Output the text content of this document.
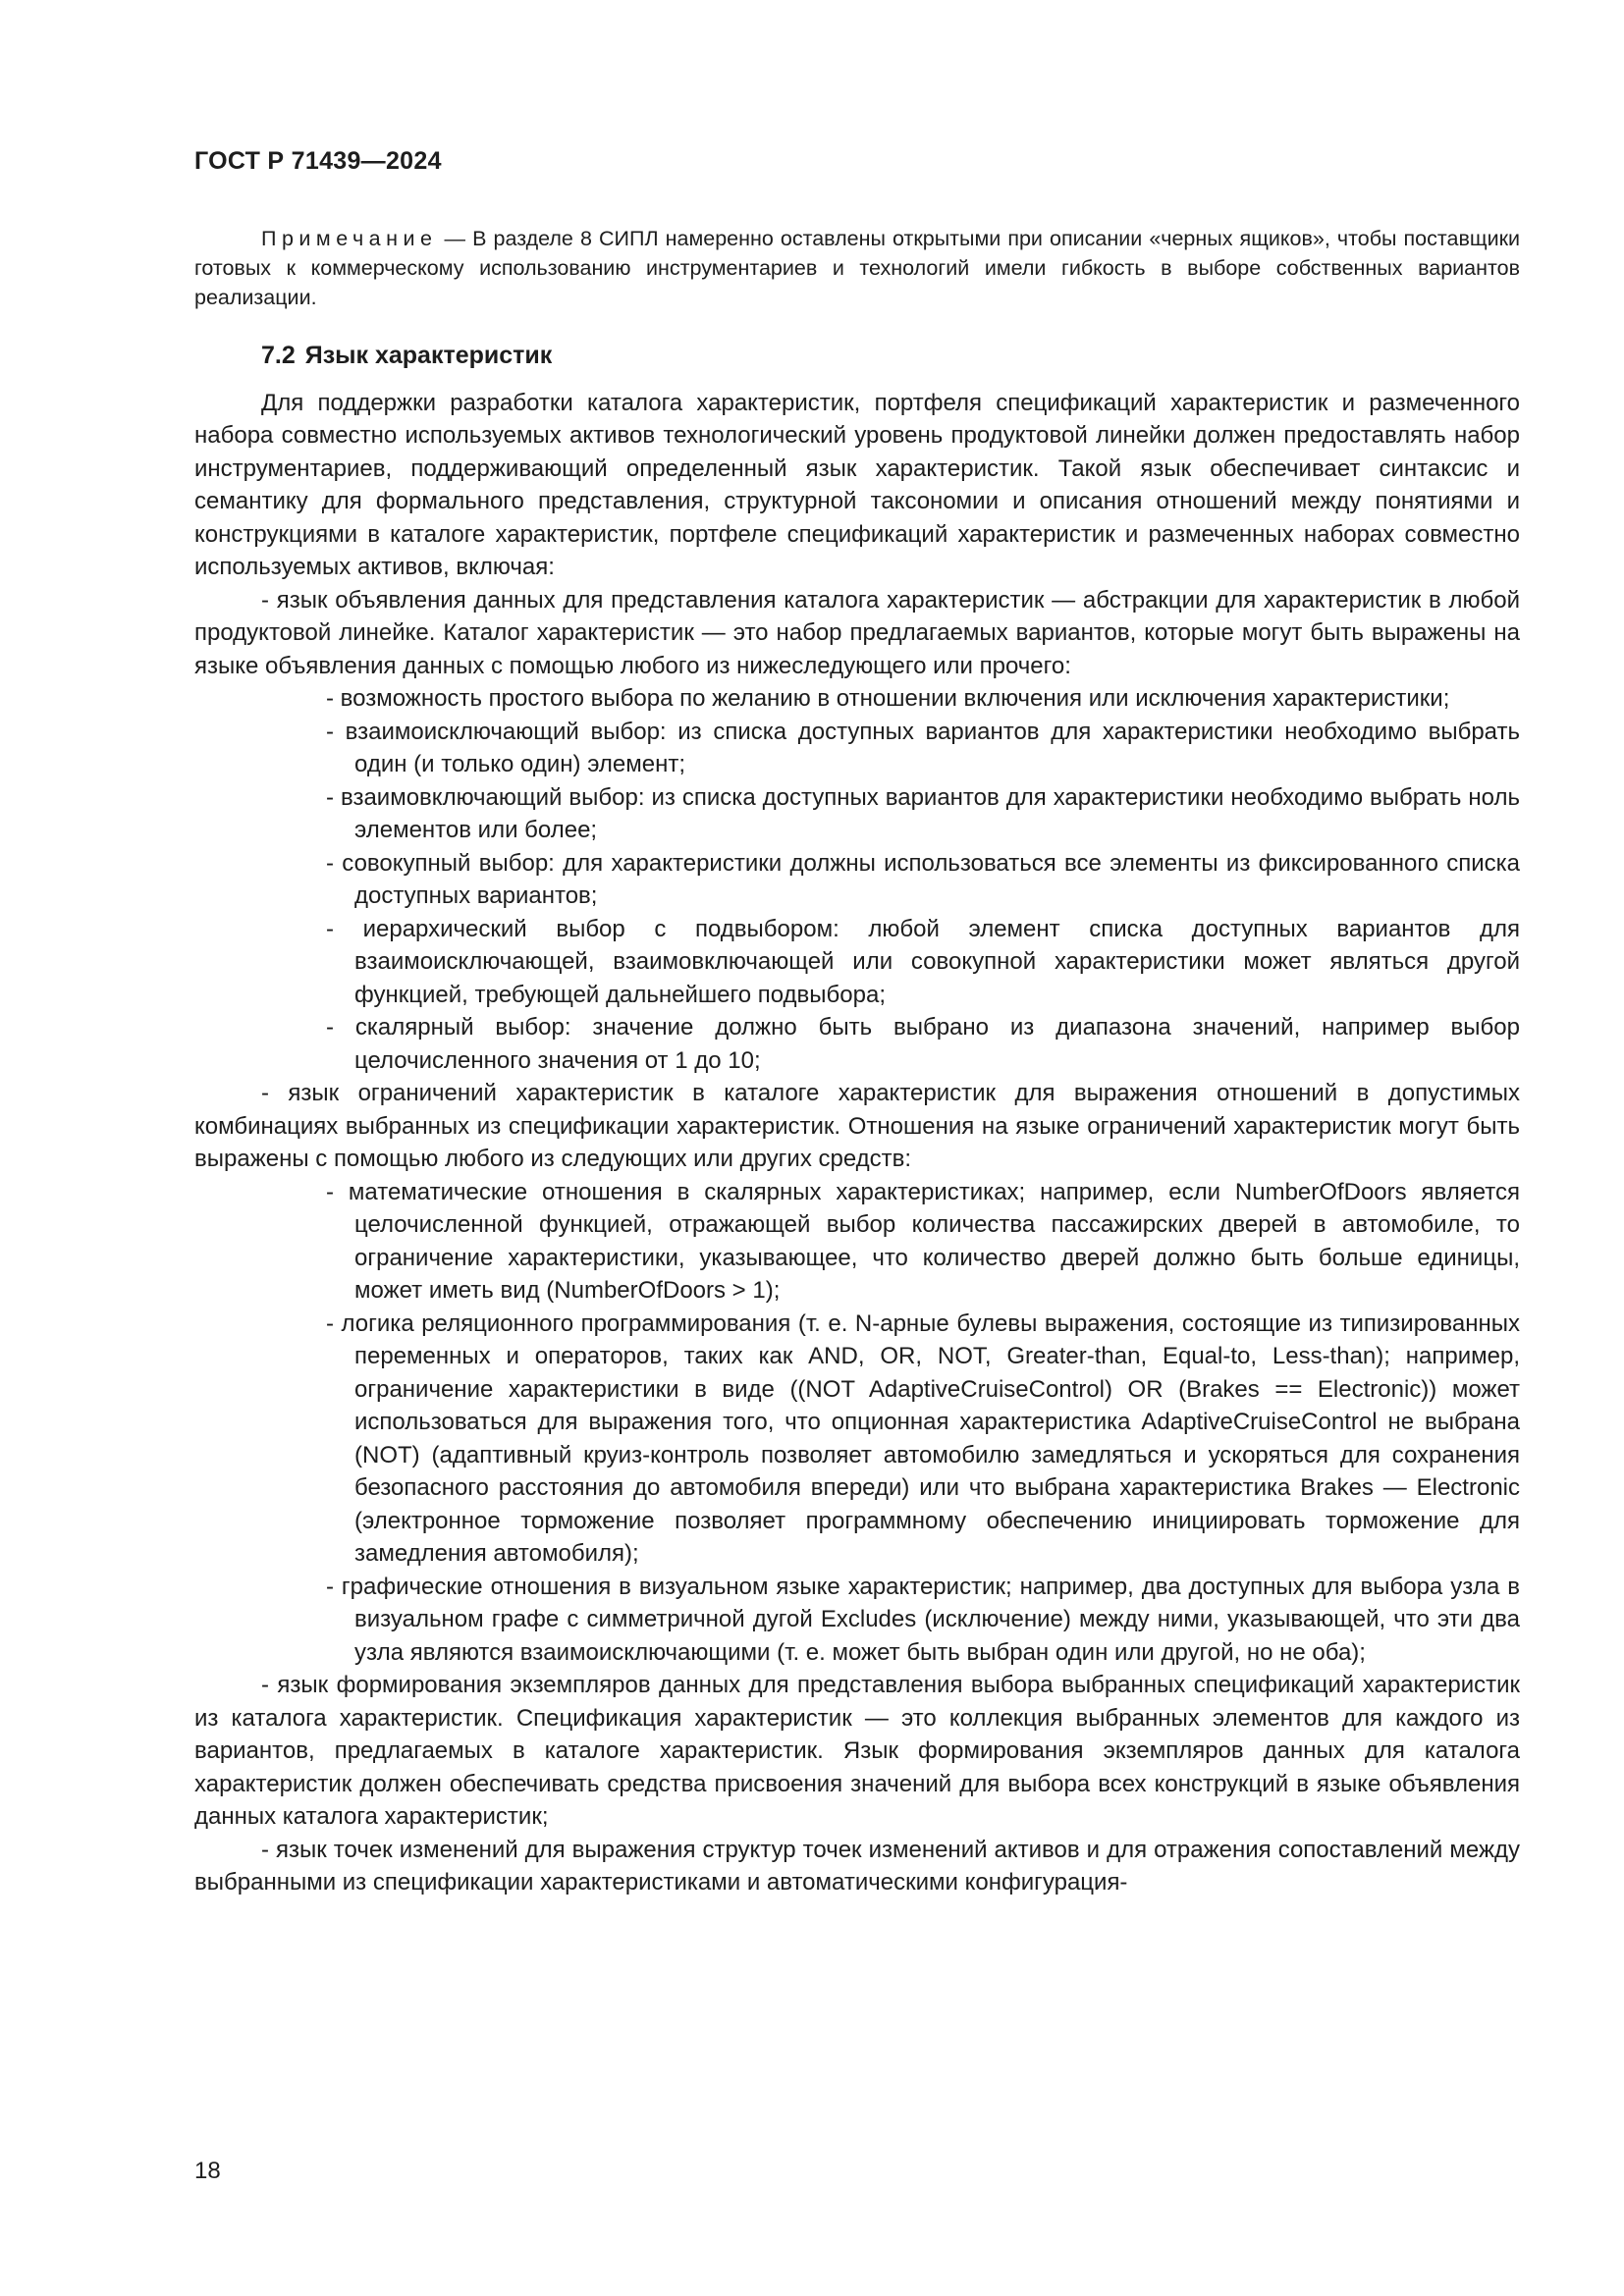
ГОСТ Р 71439—2024

Примечание — В разделе 8 СИПЛ намеренно оставлены открытыми при описании «черных ящиков», чтобы поставщики готовых к коммерческому использованию инструментариев и технологий имели гибкость в выборе собственных вариантов реализации.

7.2 Язык характеристик

Для поддержки разработки каталога характеристик, портфеля спецификаций характеристик и размеченного набора совместно используемых активов технологический уровень продуктовой линейки должен предоставлять набор инструментариев, поддерживающий определенный язык характеристик. Такой язык обеспечивает синтаксис и семантику для формального представления, структурной таксономии и описания отношений между понятиями и конструкциями в каталоге характеристик, портфеле спецификаций характеристик и размеченных наборах совместно используемых активов, включая:

- язык объявления данных для представления каталога характеристик — абстракции для характеристик в любой продуктовой линейке. Каталог характеристик — это набор предлагаемых вариантов, которые могут быть выражены на языке объявления данных с помощью любого из нижеследующего или прочего:

- возможность простого выбора по желанию в отношении включения или исключения характеристики;

- взаимоисключающий выбор: из списка доступных вариантов для характеристики необходимо выбрать один (и только один) элемент;

- взаимовключающий выбор: из списка доступных вариантов для характеристики необходимо выбрать ноль элементов или более;

- совокупный выбор: для характеристики должны использоваться все элементы из фиксированного списка доступных вариантов;

- иерархический выбор с подвыбором: любой элемент списка доступных вариантов для взаимоисключающей, взаимовключающей или совокупной характеристики может являться другой функцией, требующей дальнейшего подвыбора;

- скалярный выбор: значение должно быть выбрано из диапазона значений, например выбор целочисленного значения от 1 до 10;

- язык ограничений характеристик в каталоге характеристик для выражения отношений в допустимых комбинациях выбранных из спецификации характеристик. Отношения на языке ограничений характеристик могут быть выражены с помощью любого из следующих или других средств:

- математические отношения в скалярных характеристиках; например, если NumberOfDoors является целочисленной функцией, отражающей выбор количества пассажирских дверей в автомобиле, то ограничение характеристики, указывающее, что количество дверей должно быть больше единицы, может иметь вид (NumberOfDoors > 1);

- логика реляционного программирования (т. е. N-арные булевы выражения, состоящие из типизированных переменных и операторов, таких как AND, OR, NOT, Greater-than, Equal-to, Less-than); например, ограничение характеристики в виде ((NOT AdaptiveCruiseControl) OR (Brakes == Electronic)) может использоваться для выражения того, что опционная характеристика AdaptiveCruiseControl не выбрана (NOT) (адаптивный круиз-контроль позволяет автомобилю замедляться и ускоряться для сохранения безопасного расстояния до автомобиля впереди) или что выбрана характеристика Brakes — Electronic (электронное торможение позволяет программному обеспечению инициировать торможение для замедления автомобиля);

- графические отношения в визуальном языке характеристик; например, два доступных для выбора узла в визуальном графе с симметричной дугой Excludes (исключение) между ними, указывающей, что эти два узла являются взаимоисключающими (т. е. может быть выбран один или другой, но не оба);

- язык формирования экземпляров данных для представления выбора выбранных спецификаций характеристик из каталога характеристик. Спецификация характеристик — это коллекция выбранных элементов для каждого из вариантов, предлагаемых в каталоге характеристик. Язык формирования экземпляров данных для каталога характеристик должен обеспечивать средства присвоения значений для выбора всех конструкций в языке объявления данных каталога характеристик;

- язык точек изменений для выражения структур точек изменений активов и для отражения сопоставлений между выбранными из спецификации характеристиками и автоматическими конфигурация-

18
